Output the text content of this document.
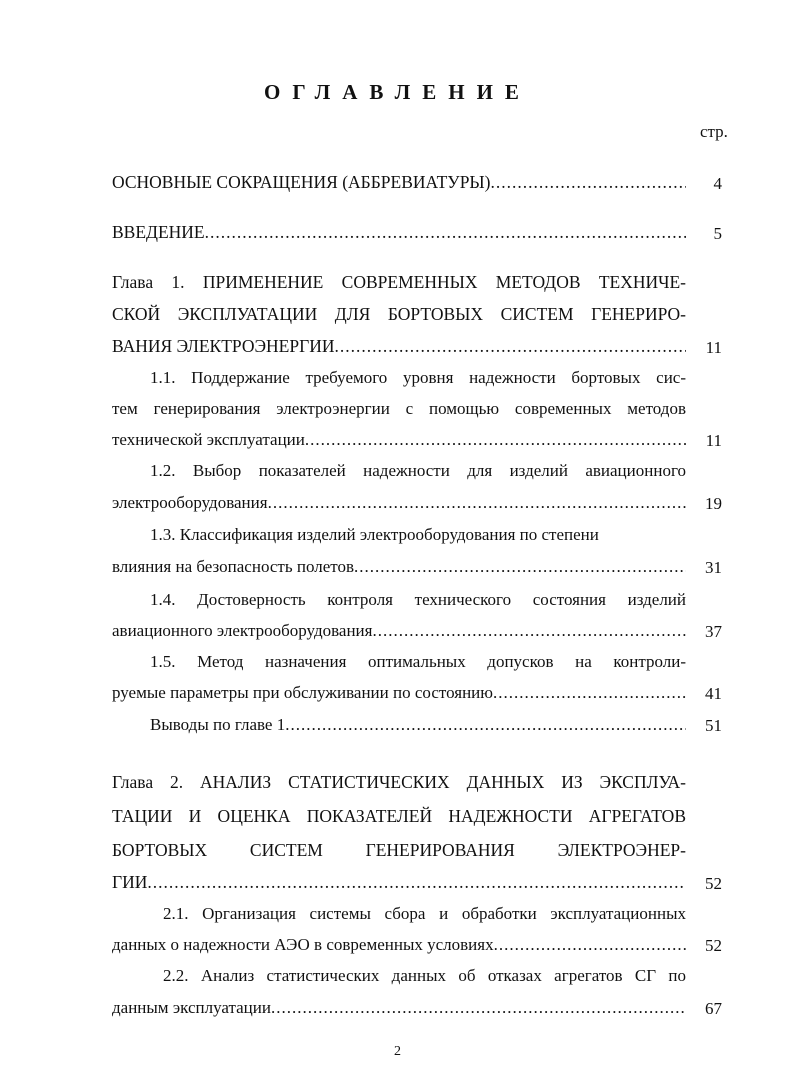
ОГЛАВЛЕНИЕ
стр.
ОСНОВНЫЕ СОКРАЩЕНИЯ (АББРЕВИАТУРЫ) .....	4
ВВЕДЕНИЕ .....	5
Глава 1. ПРИМЕНЕНИЕ СОВРЕМЕННЫХ МЕТОДОВ ТЕХНИЧЕ-
СКОЙ ЭКСПЛУАТАЦИИ ДЛЯ БОРТОВЫХ СИСТЕМ ГЕНЕРИРО-
ВАНИЯ ЭЛЕКТРОЭНЕРГИИ .....	11
1.1. Поддержание требуемого уровня надежности бортовых сис-
тем генерирования электроэнергии с помощью современных методов
технической эксплуатации .....	11
1.2. Выбор показателей надежности для изделий авиационного
электрооборудования .....	19
1.3. Классификация изделий электрооборудования по степени
влияния на безопасность полетов .....	31
1.4. Достоверность контроля технического состояния изделий
авиационного электрооборудования .....	37
1.5. Метод назначения оптимальных допусков на контроли-
руемые параметры при обслуживании по состоянию .....	41
Выводы по главе 1 .....	51
Глава 2. АНАЛИЗ СТАТИСТИЧЕСКИХ ДАННЫХ ИЗ ЭКСПЛУА-
ТАЦИИ И ОЦЕНКА ПОКАЗАТЕЛЕЙ НАДЕЖНОСТИ АГРЕГАТОВ
БОРТОВЫХ СИСТЕМ ГЕНЕРИРОВАНИЯ ЭЛЕКТРОЭНЕР-
ГИИ .....	52
2.1. Организация системы сбора и обработки эксплуатационных
данных о надежности АЭО в современных условиях .....	52
2.2. Анализ статистических данных об отказах агрегатов СГ по
данным эксплуатации .....	67
2
